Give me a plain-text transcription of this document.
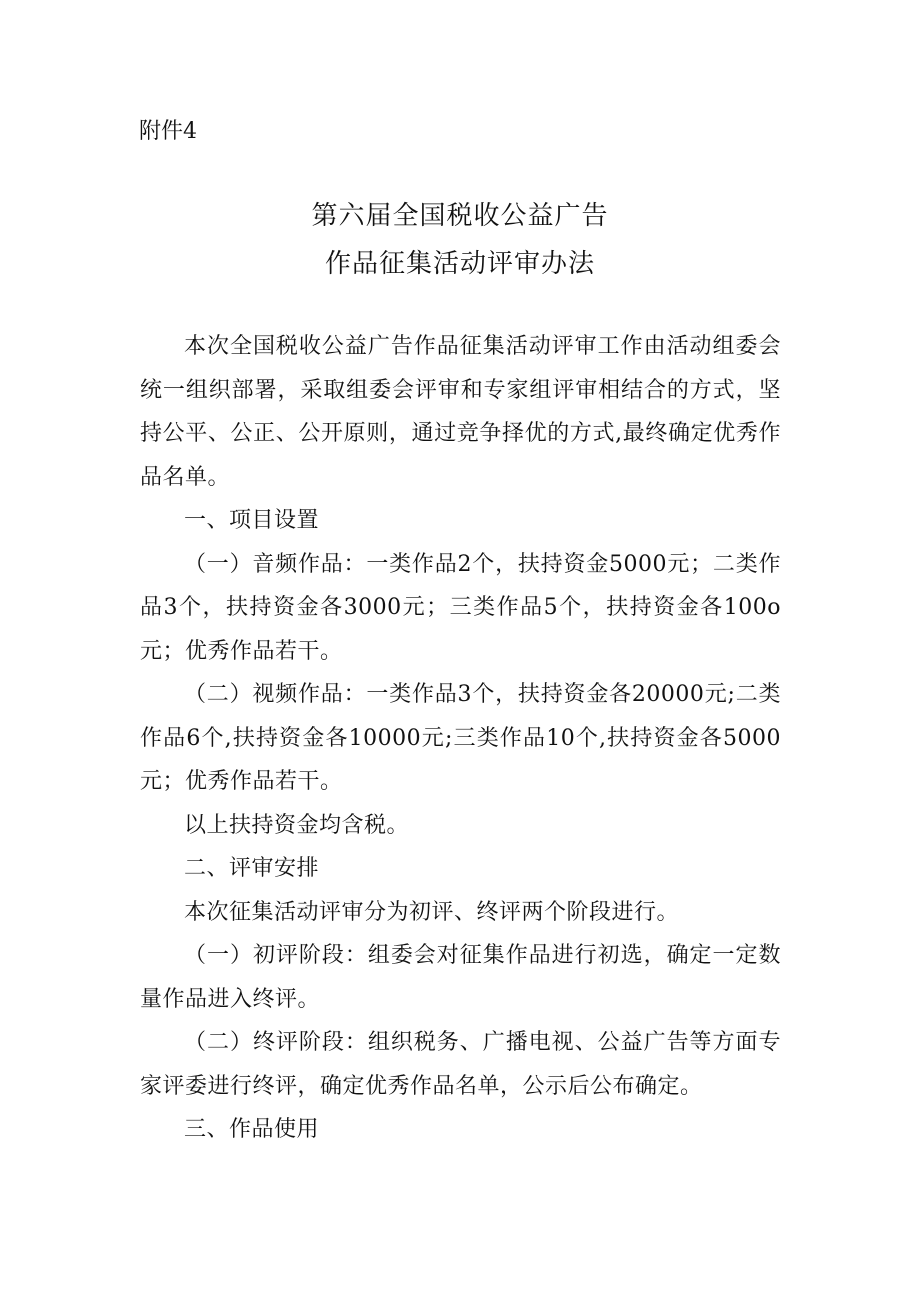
附件4
第六届全国税收公益广告
作品征集活动评审办法

本次全国税收公益广告作品征集活动评审工作由活动组委会统一组织部署，采取组委会评审和专家组评审相结合的方式，坚持公平、公正、公开原则，通过竞争择优的方式,最终确定优秀作品名单。

一、项目设置

（一）音频作品：一类作品2个，扶持资金5000元；二类作品3个，扶持资金各3000元；三类作品5个，扶持资金各100o元；优秀作品若干。

（二）视频作品：一类作品3个，扶持资金各20000元;二类作品6个,扶持资金各10000元;三类作品10个,扶持资金各5000元；优秀作品若干。

以上扶持资金均含税。

二、评审安排

本次征集活动评审分为初评、终评两个阶段进行。

（一）初评阶段：组委会对征集作品进行初选，确定一定数量作品进入终评。

（二）终评阶段：组织税务、广播电视、公益广告等方面专家评委进行终评，确定优秀作品名单，公示后公布确定。

三、作品使用
